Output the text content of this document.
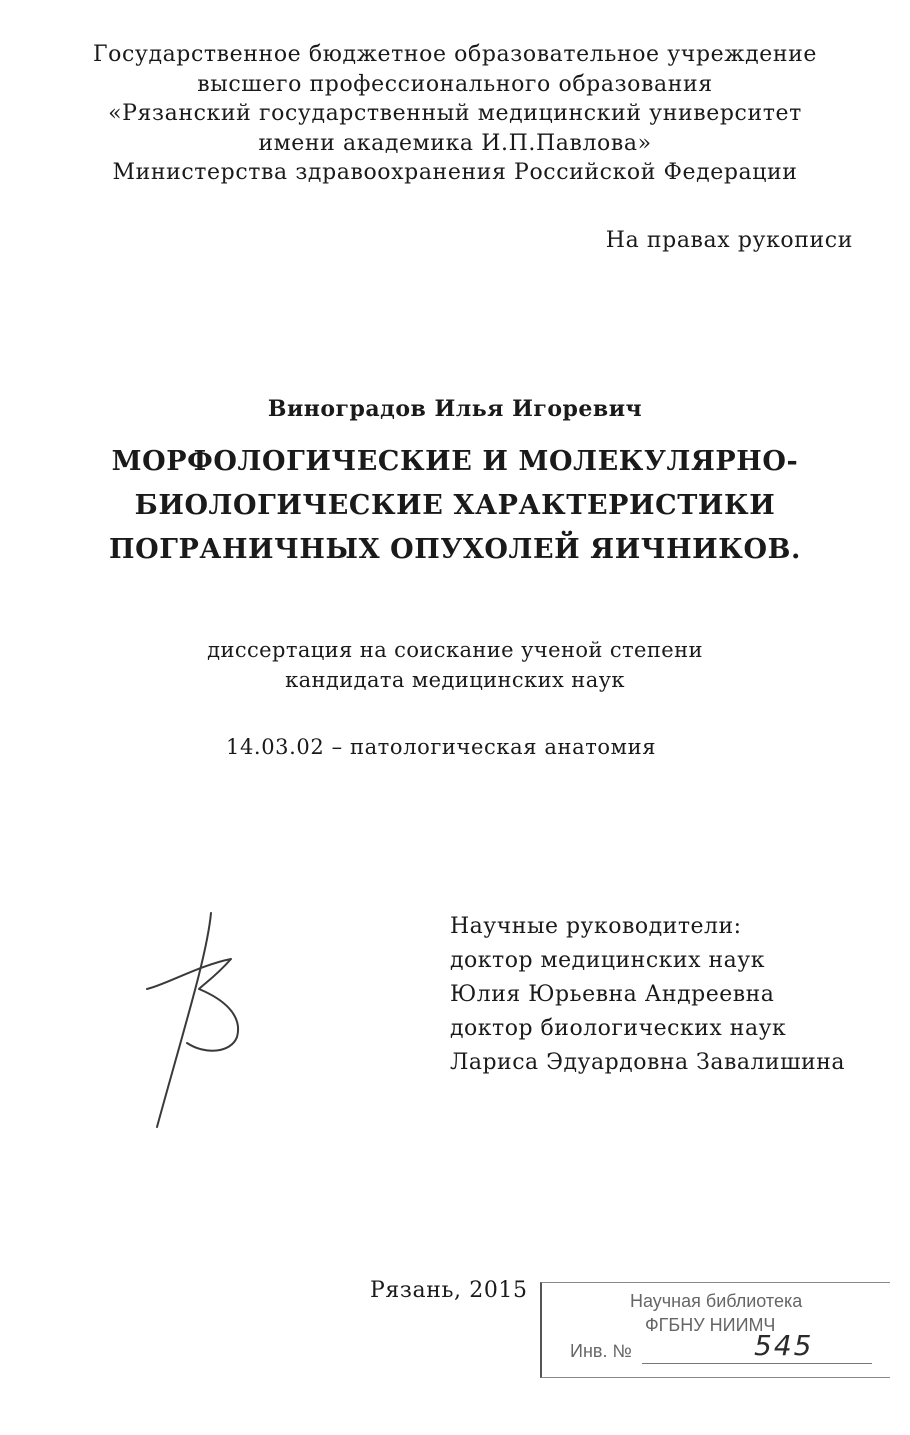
Государственное бюджетное образовательное учреждение
высшего профессионального образования
«Рязанский государственный медицинский университет
имени академика И.П.Павлова»
Министерства здравоохранения Российской Федерации
На правах рукописи
Виноградов Илья Игоревич
МОРФОЛОГИЧЕСКИЕ И МОЛЕКУЛЯРНО-
БИОЛОГИЧЕСКИЕ ХАРАКТЕРИСТИКИ
ПОГРАНИЧНЫХ ОПУХОЛЕЙ ЯИЧНИКОВ.
диссертация на соискание ученой степени
кандидата медицинских наук
14.03.02 – патологическая анатомия
Научные руководители:
доктор медицинских наук
Юлия Юрьевна Андреевна
доктор биологических наук
Лариса Эдуардовна Завалишина
Рязань, 2015	Научная библиотека
ФГБНУ НИИМЧ
Инв. №	545
